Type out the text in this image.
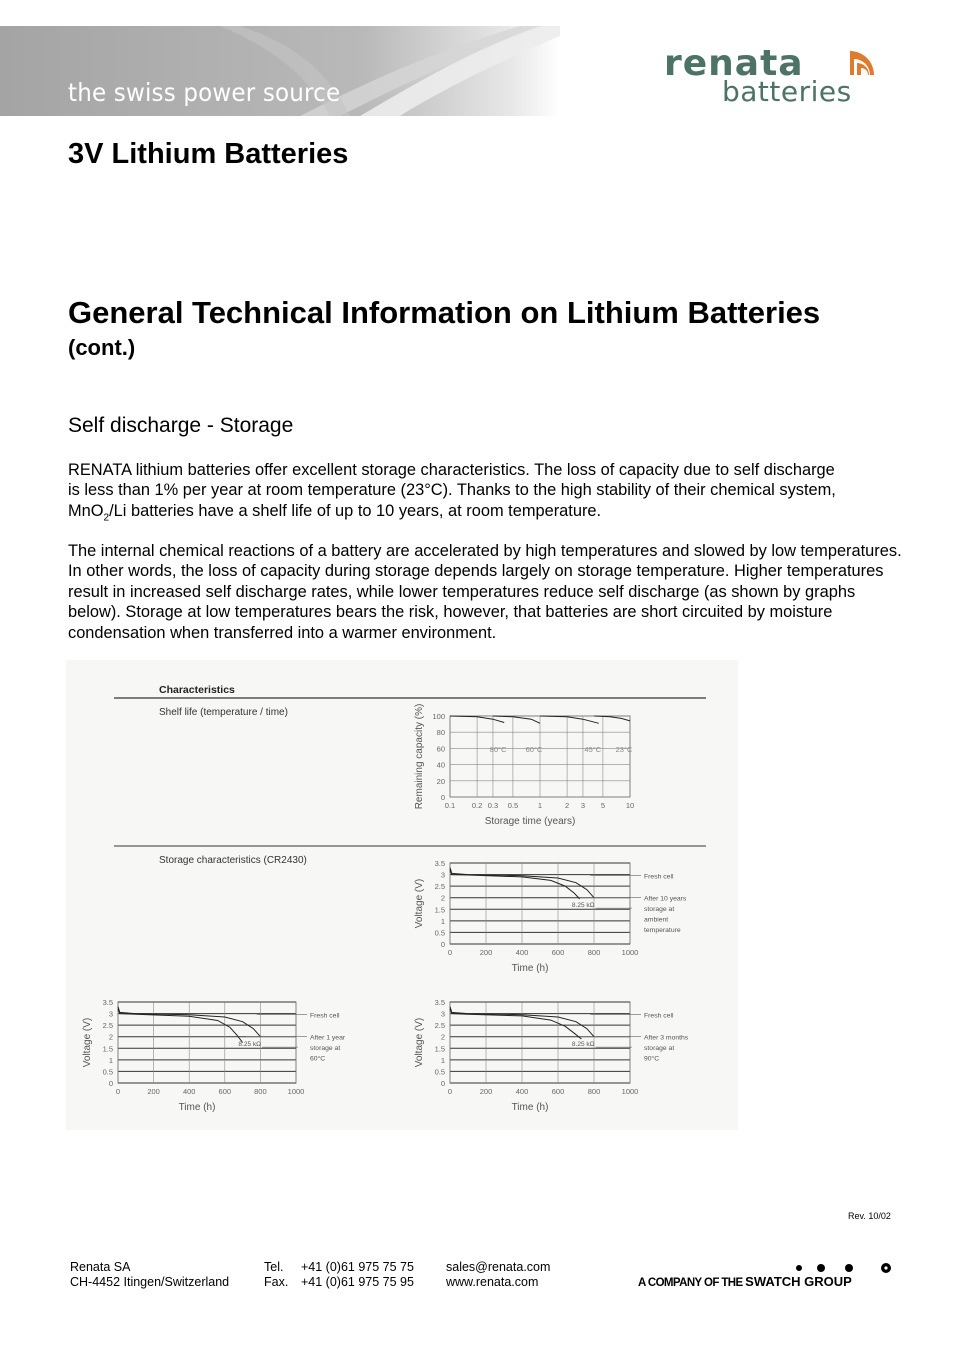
the swiss power source
renata
batteries
3V Lithium Batteries
General Technical Information on Lithium Batteries
(cont.)
Self discharge - Storage
RENATA lithium batteries offer excellent storage characteristics. The loss of capacity due to self discharge
is less than 1% per year at room temperature (23°C). Thanks to the high stability of their chemical system,
MnO$_2$/Li batteries have a shelf life of up to 10 years, at room temperature.
The internal chemical reactions of a battery are accelerated by high temperatures and slowed by low temperatures. In other words, the loss of capacity during storage depends largely on storage temperature. Higher temperatures result in increased self discharge rates, while lower temperatures reduce self discharge (as shown by graphs below). Storage at low temperatures bears the risk, however, that batteries are short circuited by moisture condensation when transferred into a warmer environment.
Characteristics
Shelf life (temperature / time)
Storage characteristics (CR2430)
0
20
40
60
80
100
0.1 0.2 0.3 0.5	1	2 3 5	10
Storage time (years)
Remaining capacity (%)	80°C	60°C	45°C 23°C
0
0.5
1
1.5
2
2.5
3
3.5
0	200	400	600	800	1000
Time (h)
Voltage (V)	8.25 kΩ
Fresh cell
After 10 years storage at ambient temperature
0
0.5
1
1.5
2
2.5
3
3.5
0	200	400	600	800	1000
Time (h)
Voltage (V)	8.25 kΩ
Fresh cell
After 1 year storage at 60°C
0
0.5
1
1.5
2
2.5
3
3.5
0	200	400	600	800	1000
Time (h)
Voltage (V)	8.25 kΩ
Fresh cell
After 3 months storage at 90°C
Rev. 10/02
Renata SA
CH-4452 Itingen/Switzerland
Tel.
Fax.
+41 (0)61 975 75 75
+41 (0)61 975 75 95
sales@renata.com
www.renata.com	A COMPANY OF THE SWATCH GROUP
